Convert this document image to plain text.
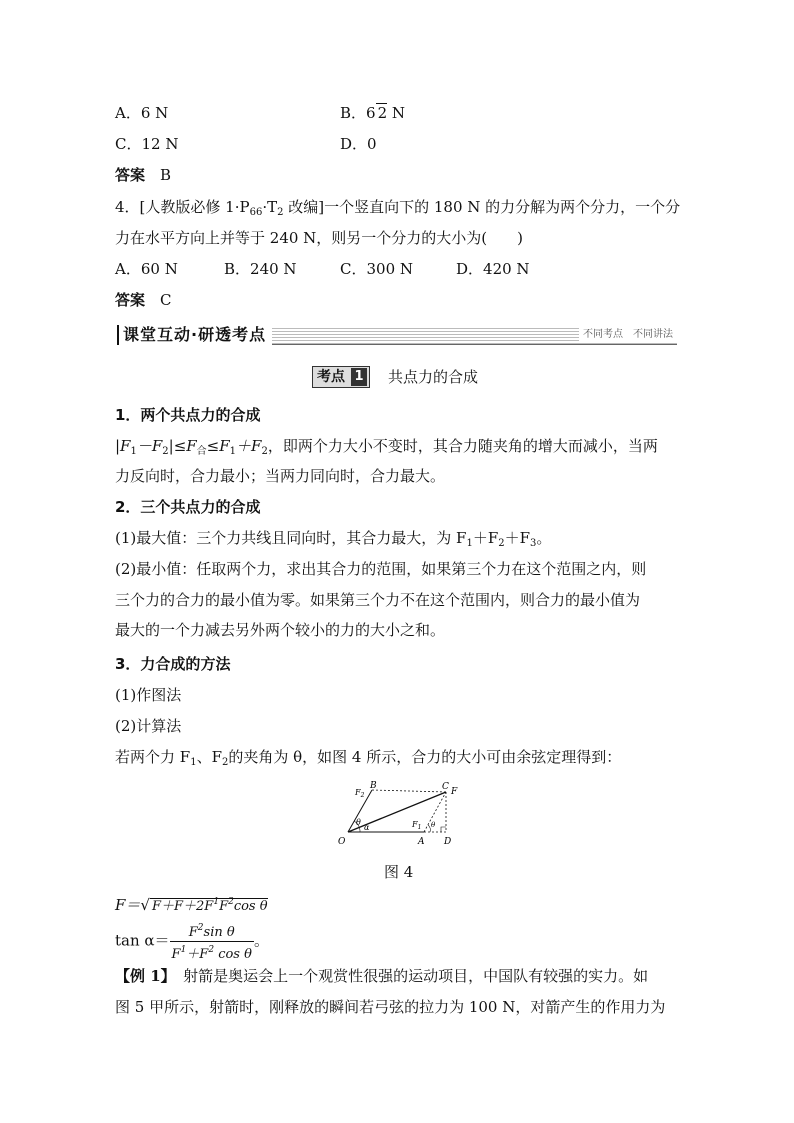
A．6 N	B．6 2 N
C．12 N	D．0
答案　 B
4．[人教版必修 $1\cdot P_{66}\cdot T_2$ 改编]一个竖直向下的 180 N 的力分解为两个分力，一个分
力在水平方向上并等于 240 N，则另一个分力的大小为(　　)
A．60 N	B．240 N	C．300 N	D．420 N
答案　 C
课堂互动·研透考点	不同考点　不同讲法
考点 1 共点力的合成
1．两个共点力的合成
$|F_1-F_2|\le F_合\le F_1+F_2$，即两个力大小不变时，其合力随夹角的增大而减小，当两
力反向时，合力最小；当两力同向时，合力最大。
2．三个共点力的合成
(1)最大值：三个力共线且同向时，其合力最大，为 $F_1+F_2+F_3$。
(2)最小值：任取两个力，求出其合力的范围，如果第三个力在这个范围之内，则
三个力的合力的最小值为零。如果第三个力不在这个范围内，则合力的最小值为
最大的一个力减去另外两个较小的力的大小之和。
3．力合成的方法
(1)作图法
(2)计算法
若两个力 $F_1$、$F_2$的夹角为 θ，如图 4 所示，合力的大小可由余弦定理得到：
O	A D
B	C F
$F_2$
$F_1$
θ
α	θ
图 4
F＝√ $F+F+2F^1F^2\cos$ θ
$\tan \alpha= \frac{F^2\sin \theta}{F^1+F^2 \cos \theta}$ 。
【例 1】　射箭是奥运会上一个观赏性很强的运动项目，中国队有较强的实力。如
图 5 甲所示，射箭时，刚释放的瞬间若弓弦的拉力为 100 N，对箭产生的作用力为
